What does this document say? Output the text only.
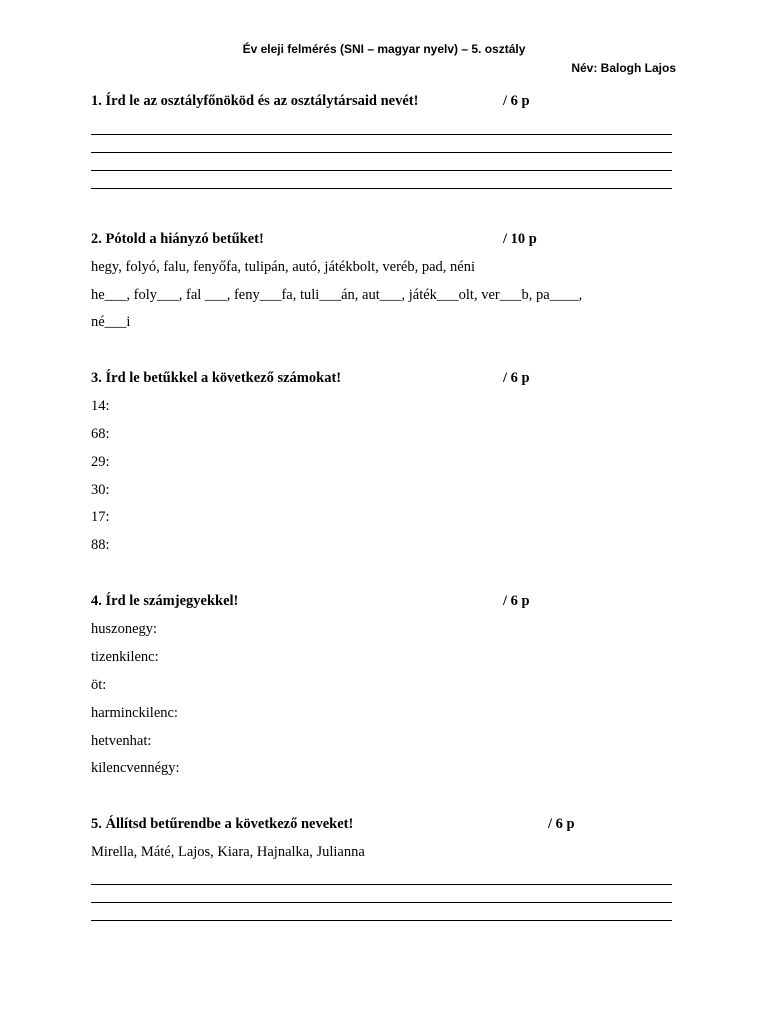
Év eleji felmérés (SNI – magyar nyelv) – 5. osztály
Név: Balogh Lajos
1. Írd le az osztályfőnököd és az osztálytársaid nevét!	/ 6 p
2. Pótold a hiányzó betűket!	/ 10 p
hegy, folyó, falu, fenyőfa, tulipán, autó, játékbolt, veréb, pad, néni
he___, foly___, fal ___, feny___fa, tuli___án, aut___, játék___olt, ver___b, pa____,
né___i
3. Írd le betűkkel a következő számokat!	/ 6 p
14:
68:
29:
30:
17:
88:
4. Írd le számjegyekkel!	/ 6 p
huszonegy:
tizenkilenc:
öt:
harminckilenc:
hetvenhat:
kilencvennégy:
5. Állítsd betűrendbe a következő neveket!	/ 6 p
Mirella, Máté, Lajos, Kiara, Hajnalka, Julianna
